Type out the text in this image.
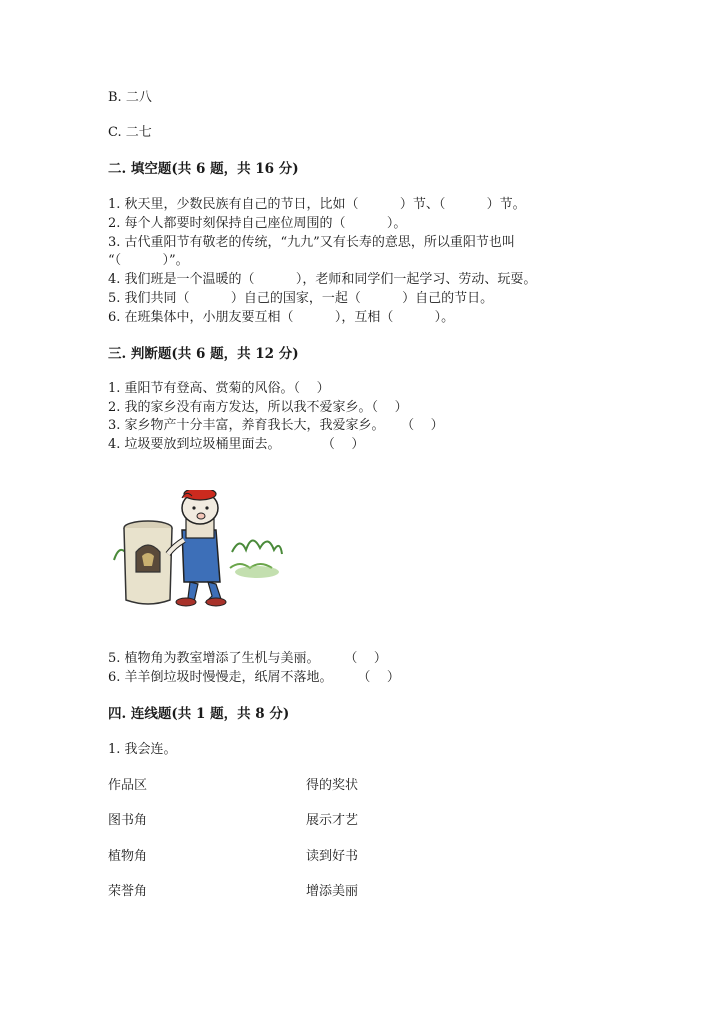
B. 二八
C. 二七
二. 填空题(共 6 题，共 16 分)
1. 秋天里，少数民族有自己的节日，比如（          ）节、（          ）节。
2. 每个人都要时刻保持自己座位周围的（          ）。
3. 古代重阳节有敬老的传统，“九九”又有长寿的意思，所以重阳节也叫
“（          ）”。
4. 我们班是一个温暖的（          ），老师和同学们一起学习、劳动、玩耍。
5. 我们共同（          ）自己的国家，一起（          ）自己的节日。
6. 在班集体中，小朋友要互相（          ），互相（          ）。
三. 判断题(共 6 题，共 12 分)
1. 重阳节有登高、赏菊的风俗。（    ）
2. 我的家乡没有南方发达，所以我不爱家乡。（    ）
3. 家乡物产十分丰富，养育我长大，我爱家乡。    （    ）
4. 垃圾要放到垃圾桶里面去。          （    ）
5. 植物角为教室增添了生机与美丽。      （    ）
6. 羊羊倒垃圾时慢慢走，纸屑不落地。      （    ）
四. 连线题(共 1 题，共 8 分)
1. 我会连。
作品区	得的奖状
图书角	展示才艺
植物角	读到好书
荣誉角	增添美丽
